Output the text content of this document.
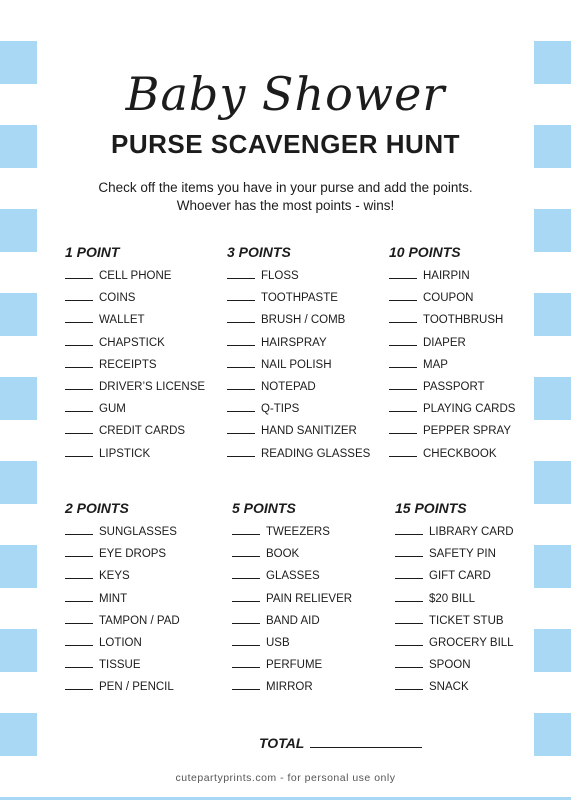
Baby Shower
PURSE SCAVENGER HUNT
Check off the items you have in your purse and add the points.
Whoever has the most points - wins!
1 POINT
CELL PHONE
COINS
WALLET
CHAPSTICK
RECEIPTS
DRIVER’S LICENSE
GUM
CREDIT CARDS
LIPSTICK
3 POINTS
FLOSS
TOOTHPASTE
BRUSH / COMB
HAIRSPRAY
NAIL POLISH
NOTEPAD
Q-TIPS
HAND SANITIZER
READING GLASSES
10 POINTS
HAIRPIN
COUPON
TOOTHBRUSH
DIAPER
MAP
PASSPORT
PLAYING CARDS
PEPPER SPRAY
CHECKBOOK
2 POINTS
SUNGLASSES
EYE DROPS
KEYS
MINT
TAMPON / PAD
LOTION
TISSUE
PEN / PENCIL
5 POINTS
TWEEZERS
BOOK
GLASSES
PAIN RELIEVER
BAND AID
USB
PERFUME
MIRROR
15 POINTS
LIBRARY CARD
SAFETY PIN
GIFT CARD
$20 BILL
TICKET STUB
GROCERY BILL
SPOON
SNACK
TOTAL
cutepartyprints.com - for personal use only
